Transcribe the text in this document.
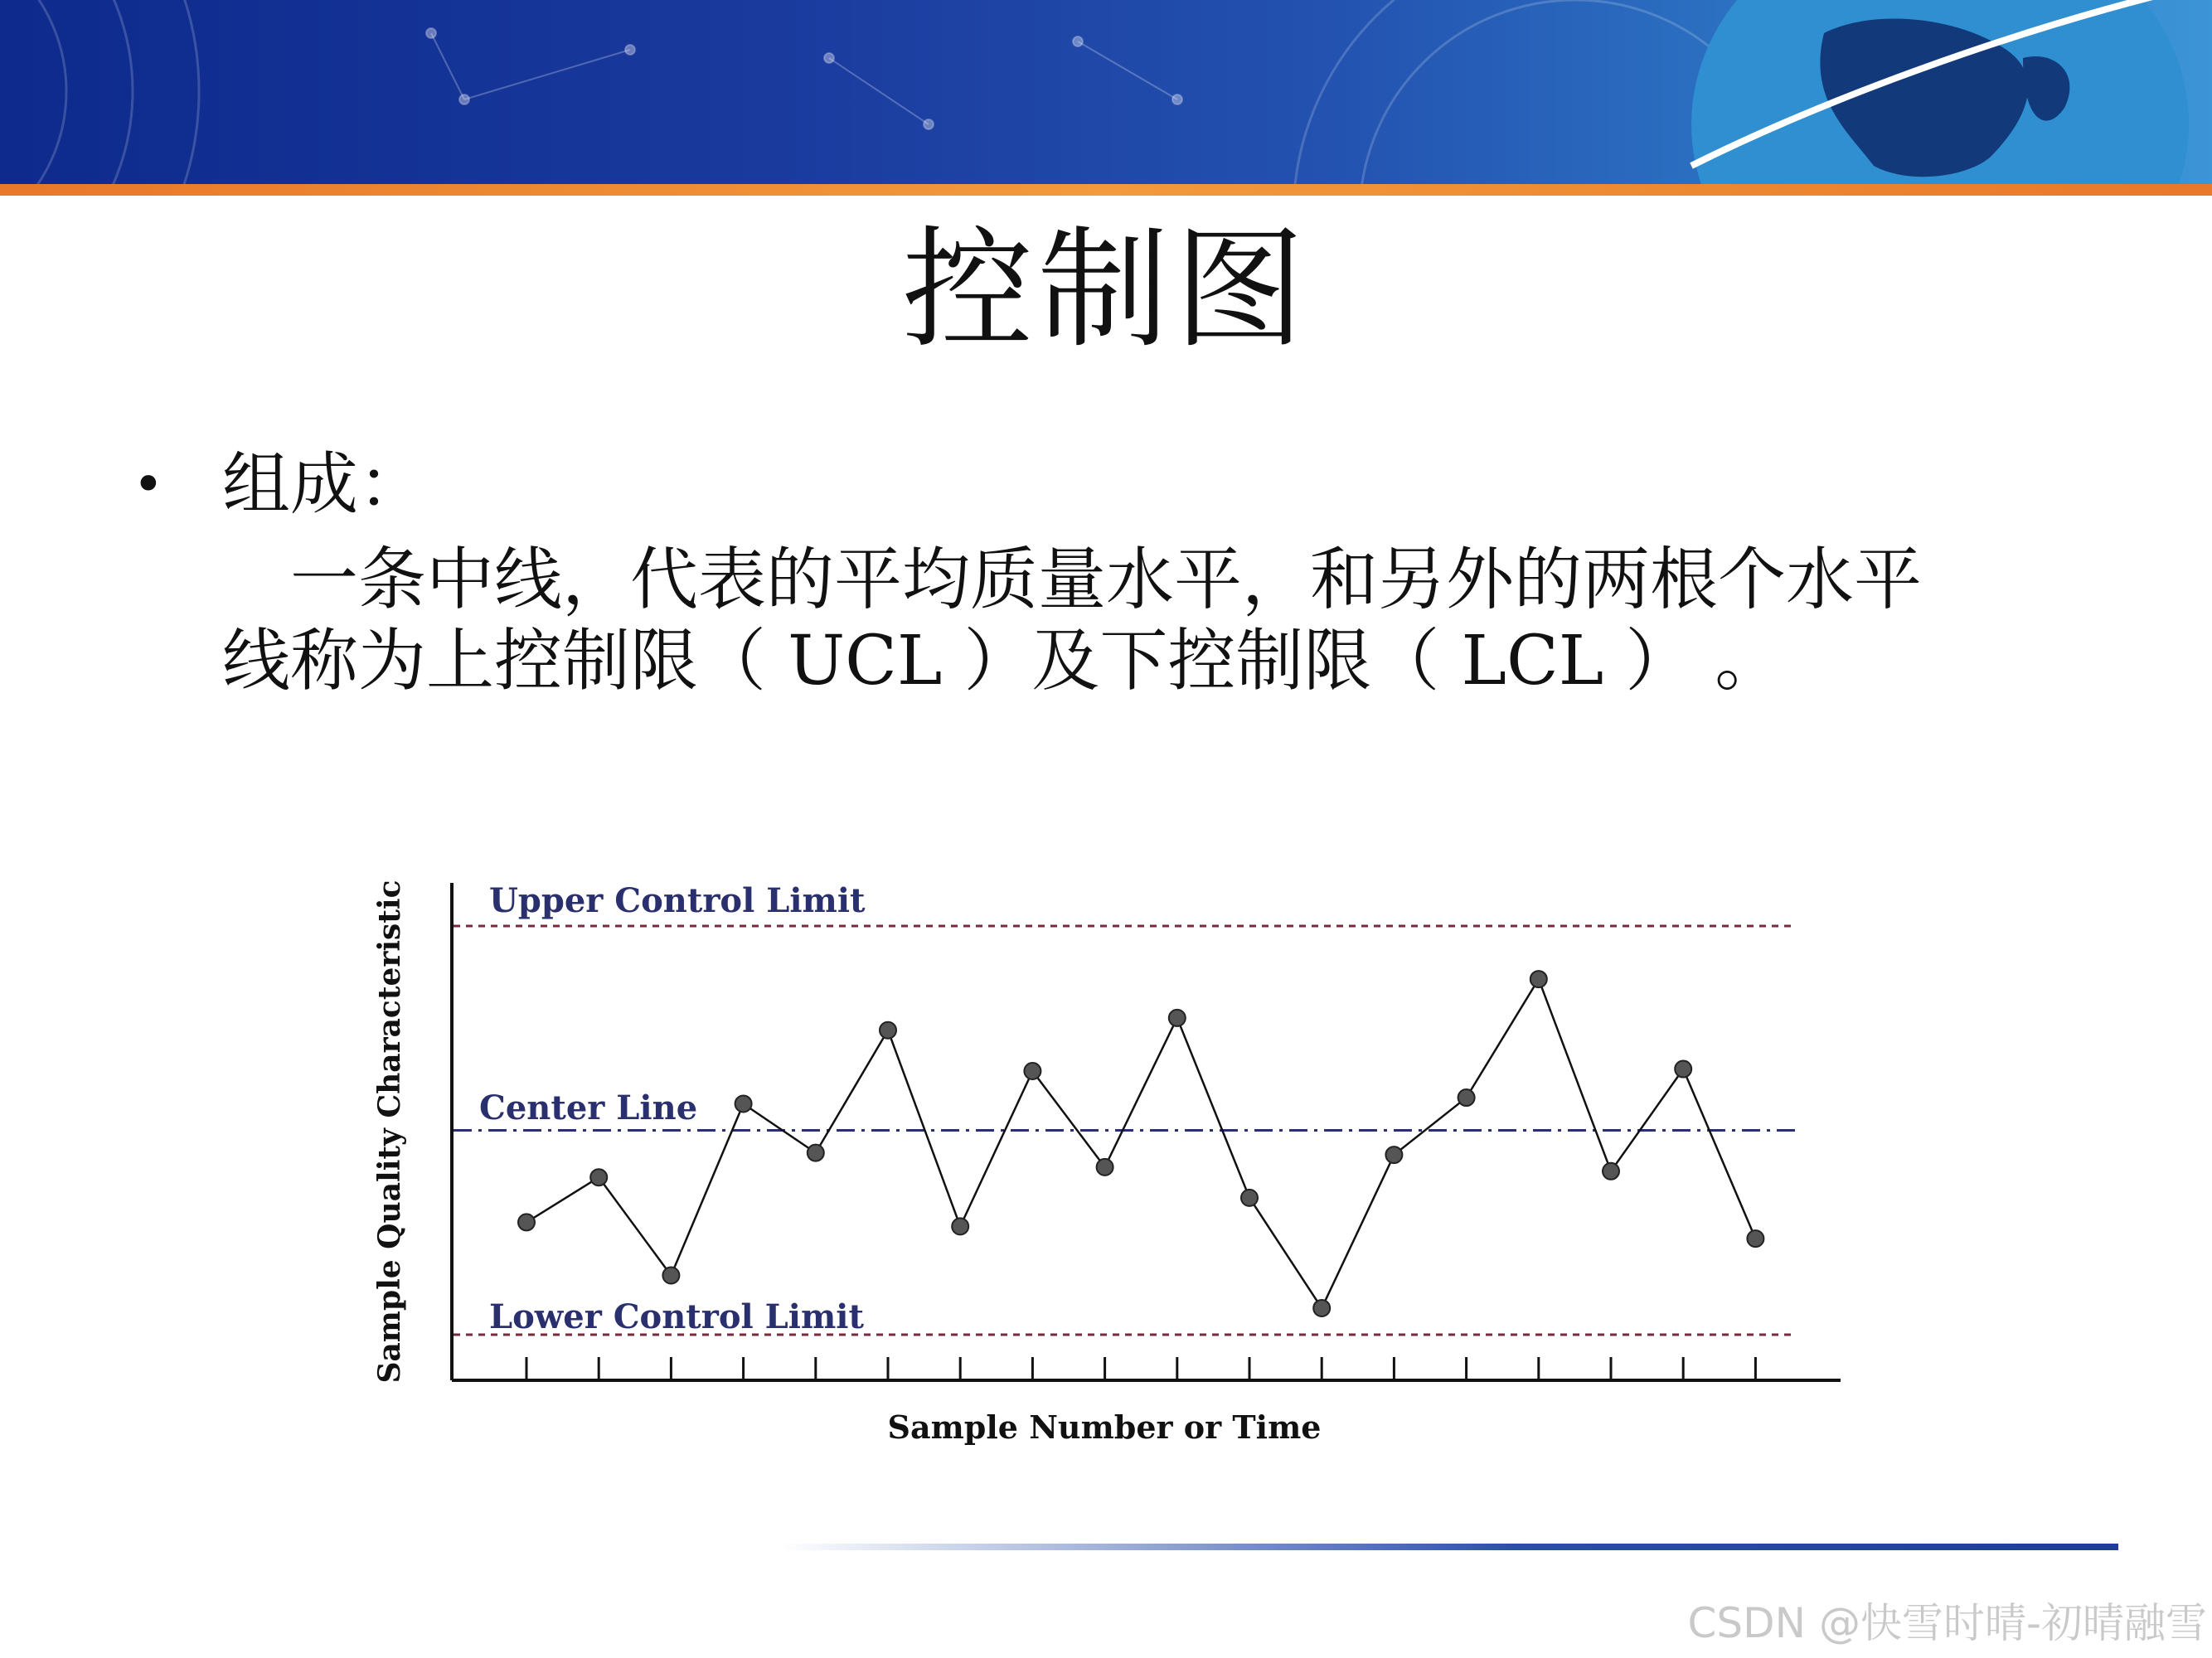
控制图
• 组成：
一条中线，代表的平均质量水平，和另外的两根个水平
线称为上控制限（ UCL ）及下控制限（ LCL ） 。
Upper Control Limit
Center Line
Lower Control Limit
Sample Number or Time
Sample Quality Characteristic
CSDN @快雪时晴-初晴融雪
